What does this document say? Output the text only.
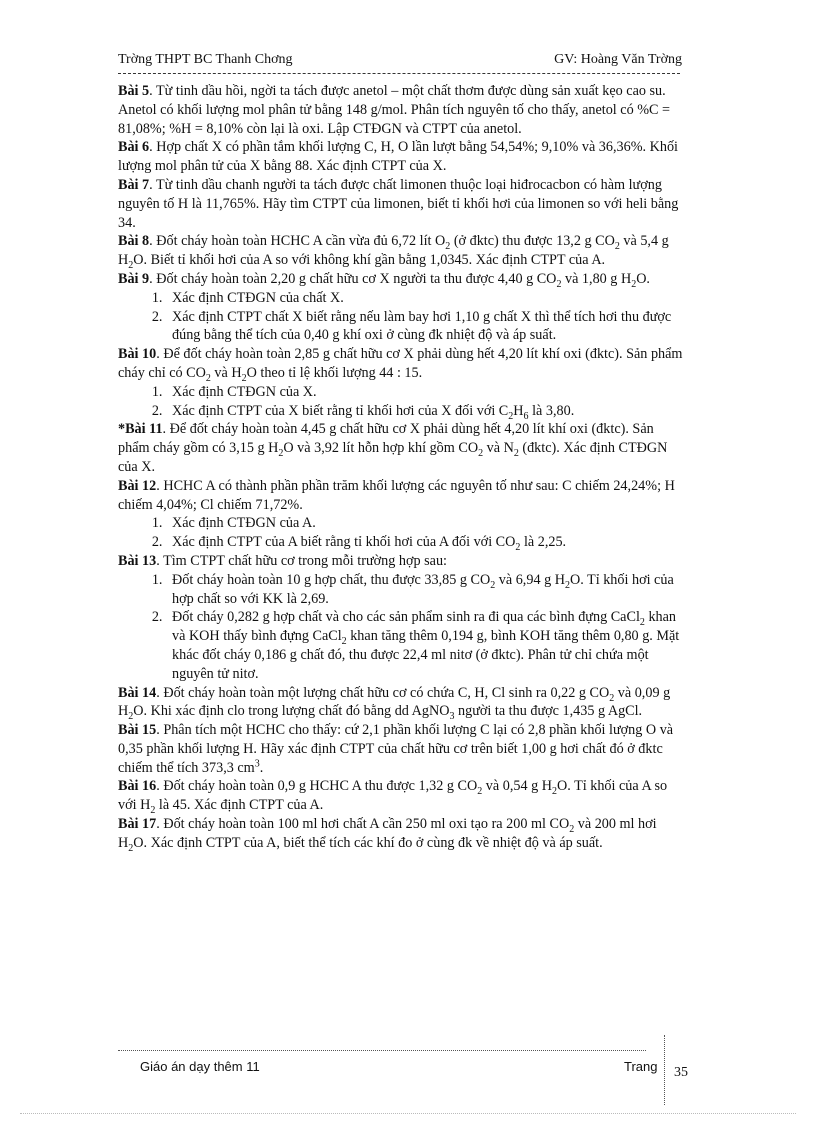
Trờng THPT BC Thanh Chơng	GV: Hoàng Văn Trờng

Bài 5. Từ tinh dầu hồi, ngời ta tách được anetol – một chất thơm được dùng sản xuất kẹo cao su. Anetol có khối lượng mol phân tử bằng 148 g/mol. Phân tích nguyên tố cho thấy, anetol có %C = 81,08%; %H = 8,10% còn lại là oxi. Lập CTĐGN và CTPT của anetol.

Bài 6. Hợp chất X có phần tắm khối lượng C, H, O lần lượt bằng 54,54%; 9,10% và 36,36%. Khối lượng mol phân tử của X bằng 88. Xác định CTPT của X.

Bài 7. Từ tinh dầu chanh người ta tách được chất limonen thuộc loại hiđrocacbon có hàm lượng nguyên tố H là 11,765%. Hãy tìm CTPT của limonen, biết tỉ khối hơi của limonen so với heli bằng 34.

Bài 8. Đốt cháy hoàn toàn HCHC A cần vừa đủ 6,72 lít $O_2$ (ở đktc) thu được 13,2 g $CO_2$ và 5,4 g $H_2O$. Biết tỉ khối hơi của A so với không khí gần bằng 1,0345. Xác định CTPT của A.

Bài 9. Đốt cháy hoàn toàn 2,20 g chất hữu cơ X người ta thu được 4,40 g $CO_2$ và 1,80 g $H_2O$.

1. Xác định CTĐGN của chất X.
2. Xác định CTPT chất X biết rằng nếu làm bay hơi 1,10 g chất X thì thể tích hơi thu được đúng bằng thể tích của 0,40 g khí oxi ở cùng đk nhiệt độ và áp suất.

Bài 10. Để đốt cháy hoàn toàn 2,85 g chất hữu cơ X phải dùng hết 4,20 lít khí oxi (đktc). Sản phẩm cháy chỉ có $CO_2$ và $H_2O$ theo tỉ lệ khối lượng 44 : 15.

1. Xác định CTĐGN của X.
2. Xác định CTPT của X biết rằng tỉ khối hơi của X đối với $C_2H_6$ là 3,80.

*Bài 11. Để đốt cháy hoàn toàn 4,45 g chất hữu cơ X phải dùng hết 4,20 lít khí oxi (đktc). Sản phẩm cháy gồm có 3,15 g $H_2O$ và 3,92 lít hỗn hợp khí gồm $CO_2$ và $N_2$ (đktc). Xác định CTĐGN của X.

Bài 12. HCHC A có thành phần phần trăm khối lượng các nguyên tố như sau: C chiếm 24,24%; H chiếm 4,04%; Cl chiếm 71,72%.

1. Xác định CTĐGN của A.
2. Xác định CTPT của A biết rằng tỉ khối hơi của A đối với $CO_2$ là 2,25.

Bài 13. Tìm CTPT chất hữu cơ trong mỗi trường hợp sau:

1. Đốt cháy hoàn toàn 10 g hợp chất, thu được 33,85 g $CO_2$ và 6,94 g $H_2O$. Tỉ khối hơi của hợp chất so với KK là 2,69.
2. Đốt cháy 0,282 g hợp chất và cho các sản phẩm sinh ra đi qua các bình đựng CaCl$_2$ khan và KOH thấy bình đựng CaCl$_2$ khan tăng thêm 0,194 g, bình KOH tăng thêm 0,80 g. Mặt khác đốt cháy 0,186 g chất đó, thu được 22,4 ml nitơ (ở đktc). Phân tử chỉ chứa một nguyên tử nitơ.

Bài 14. Đốt cháy hoàn toàn một lượng chất hữu cơ có chứa C, H, Cl sinh ra 0,22 g $CO_2$ và 0,09 g $H_2O$. Khi xác định clo trong lượng chất đó bằng dd AgNO$_3$ người ta thu được 1,435 g AgCl.

Bài 15. Phân tích một HCHC cho thấy: cứ 2,1 phần khối lượng C lại có 2,8 phần khối lượng O và 0,35 phần khối lượng H. Hãy xác định CTPT của chất hữu cơ trên biết 1,00 g hơi chất đó ở đktc chiếm thể tích 373,3 $cm^3$.

Bài 16. Đốt cháy hoàn toàn 0,9 g HCHC A thu được 1,32 g $CO_2$ và 0,54 g $H_2O$. Tỉ khối của A so với $H_2$ là 45. Xác định CTPT của A.

Bài 17. Đốt cháy hoàn toàn 100 ml hơi chất A cần 250 ml oxi tạo ra 200 ml $CO_2$ và 200 ml hơi $H_2O$. Xác định CTPT của A, biết thể tích các khí đo ở cùng đk về nhiệt độ và áp suất.

Giáo án dạy thêm 11	Trang 35
